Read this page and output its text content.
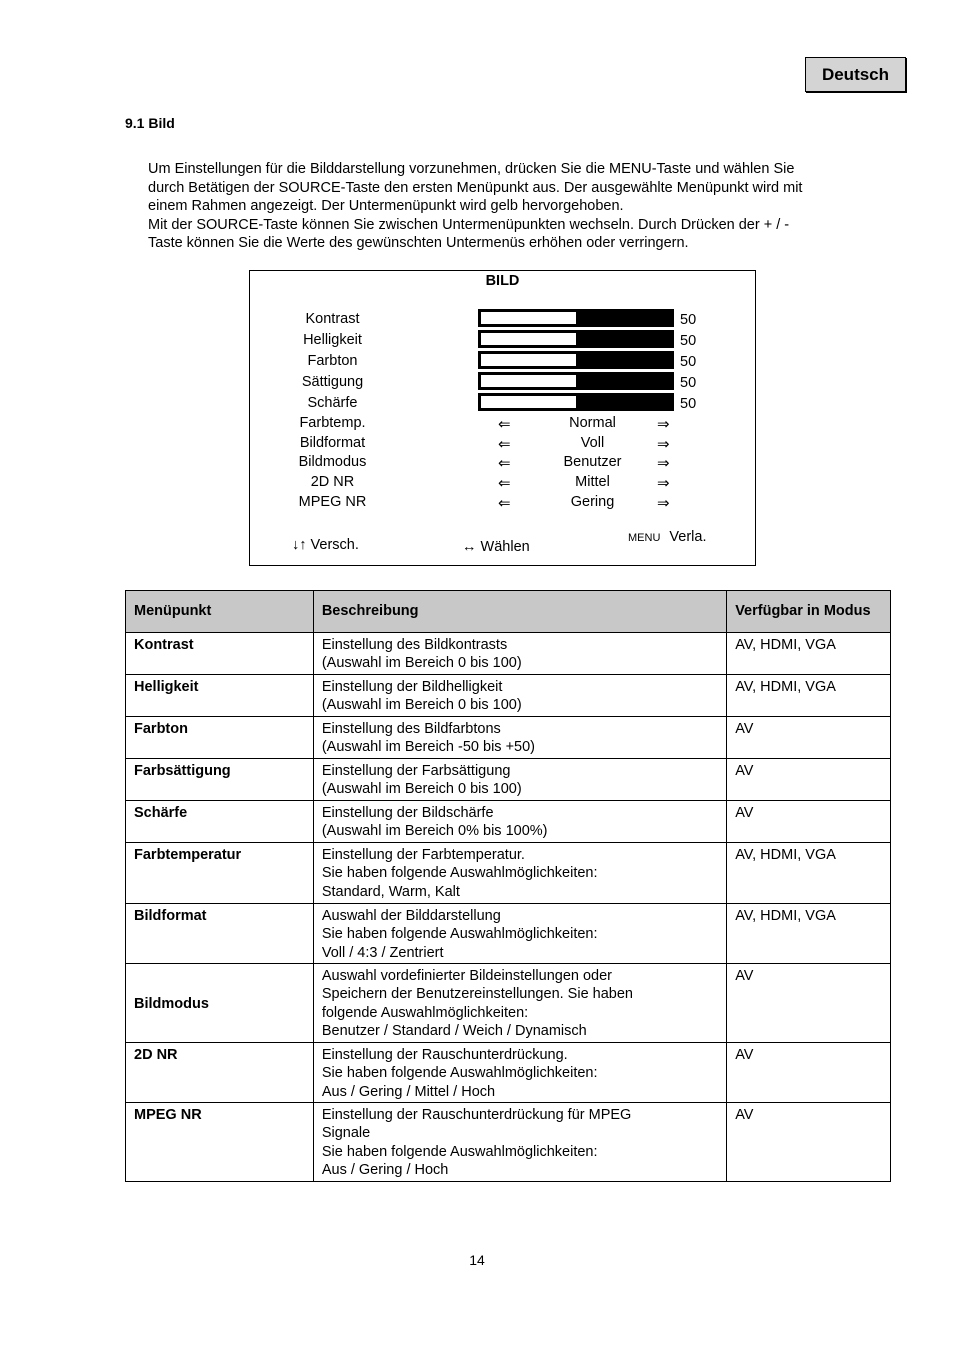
Deutsch
9.1 Bild

Um Einstellungen für die Bilddarstellung vorzunehmen, drücken Sie die MENU-Taste und wählen Sie

durch Betätigen der SOURCE-Taste den ersten Menüpunkt aus. Der ausgewählte Menüpunkt wird mit

einem Rahmen angezeigt. Der Untermenüpunkt wird gelb hervorgehoben.

Mit der SOURCE-Taste können Sie zwischen Untermenüpunkten wechseln. Durch Drücken der + / -

Taste können Sie die Werte des gewünschten Untermenüs erhöhen oder verringern.

BILD
Kontrast	50
Helligkeit	50
Farbton	50
Sättigung	50
Schärfe	50
Farbtemp.	⇐	Normal	⇒
Bildformat	⇐	Voll	⇒
Bildmodus	⇐	Benutzer	⇒
2D NR	⇐	Mittel	⇒
MPEG NR	⇐	Gering	⇒
↓↑ Versch.	↔ Wählen
MENU Verla.
Menüpunkt	Beschreibung	Verfügbar in Modus
Kontrast	Einstellung des Bildkontrasts
(Auswahl im Bereich 0 bis 100)	AV, HDMI, VGA
Helligkeit	Einstellung der Bildhelligkeit
(Auswahl im Bereich 0 bis 100)	AV, HDMI, VGA
Farbton	Einstellung des Bildfarbtons
(Auswahl im Bereich -50 bis +50)	AV
Farbsättigung	Einstellung der Farbsättigung
(Auswahl im Bereich 0 bis 100)	AV
Schärfe	Einstellung der Bildschärfe
(Auswahl im Bereich 0% bis 100%)	AV
Farbtemperatur	Einstellung der Farbtemperatur.
Sie haben folgende Auswahlmöglichkeiten:
Standard, Warm, Kalt	AV, HDMI, VGA
Bildformat	Auswahl der Bilddarstellung
Sie haben folgende Auswahlmöglichkeiten:
Voll / 4:3 / Zentriert	AV, HDMI, VGA
Bildmodus	Auswahl vordefinierter Bildeinstellungen oder
Speichern der Benutzereinstellungen. Sie haben
folgende Auswahlmöglichkeiten:
Benutzer / Standard / Weich / Dynamisch	AV
2D NR	Einstellung der Rauschunterdrückung.
Sie haben folgende Auswahlmöglichkeiten:
Aus / Gering / Mittel / Hoch	AV
MPEG NR	Einstellung der Rauschunterdrückung für MPEG
Signale
Sie haben folgende Auswahlmöglichkeiten:
Aus / Gering / Hoch	AV
14
